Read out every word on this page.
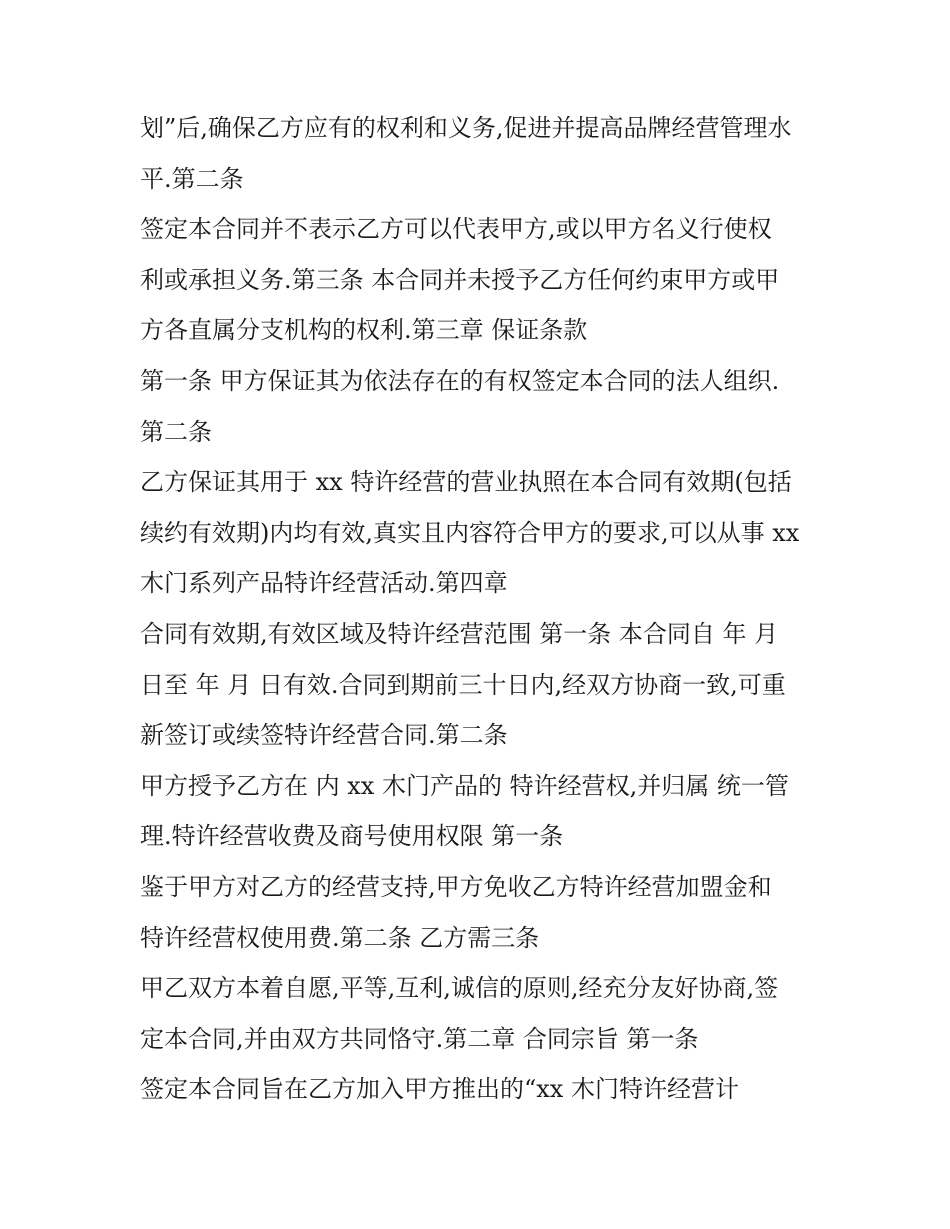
划”后,确保乙方应有的权利和义务,促进并提高品牌经营管理水
平.第二条
签定本合同并不表示乙方可以代表甲方,或以甲方名义行使权
利或承担义务.第三条 本合同并未授予乙方任何约束甲方或甲
方各直属分支机构的权利.第三章 保证条款
第一条 甲方保证其为依法存在的有权签定本合同的法人组织.
第二条
乙方保证其用于 xx 特许经营的营业执照在本合同有效期(包括
续约有效期)内均有效,真实且内容符合甲方的要求,可以从事 xx
木门系列产品特许经营活动.第四章
合同有效期,有效区域及特许经营范围 第一条 本合同自 年 月
日至 年 月 日有效.合同到期前三十日内,经双方协商一致,可重
新签订或续签特许经营合同.第二条
甲方授予乙方在 内 xx 木门产品的 特许经营权,并归属 统一管
理.特许经营收费及商号使用权限 第一条
鉴于甲方对乙方的经营支持,甲方免收乙方特许经营加盟金和
特许经营权使用费.第二条 乙方需三条
甲乙双方本着自愿,平等,互利,诚信的原则,经充分友好协商,签
定本合同,并由双方共同恪守.第二章 合同宗旨 第一条
签定本合同旨在乙方加入甲方推出的“xx 木门特许经营计
